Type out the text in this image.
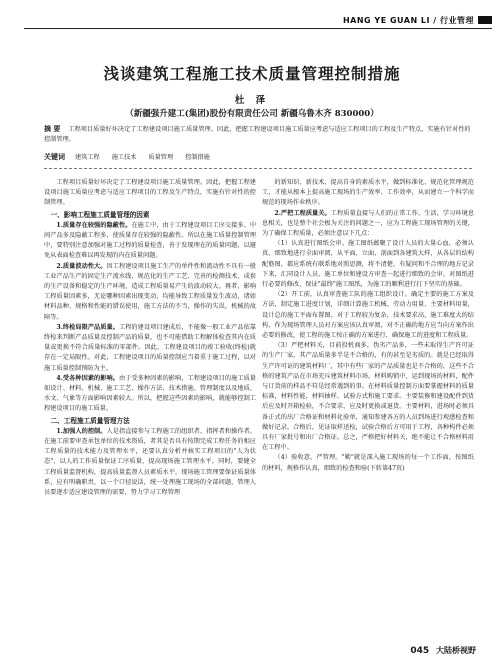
HANG YE GUAN LI / 行业管理
浅谈建筑工程施工技术质量管理控制措施
杜 泽
（新疆强升建工(集团)股份有限责任公司 新疆乌鲁木齐 830000）
摘 要 工程项目质量好坏决定了工程建设项目施工质量管理。因此，把握工程建设项目施工质量应考虑与适应工程项目的工程及生产特点，实施有针对性的控制管理。
关键词 建筑工程 施工技术 质量管理 控制措施

工程项目质量好坏决定了工程建设项目施工质量管理。因此，把握工程建设项目施工质量应考虑与适应工程项目的工程及生产特点，实施有针对性的控制管理。

一、影响工程施工质量管理的因素

1.质量存在较强的隐蔽性。在施工中，由于工程建设项目工序交接多、中间产品多及隐蔽工程多，使质量存在较强的隐蔽性。所以在施工质量控制管理中，要特别注意加强对施工过程的质量检查，善于发现埋在的质量问题，以避免从表面检查难以再发现的内在质量问题。

2.质量波动性大。因工程建设项目施工生产的单件性和流动性不具有一般工业产品生产的固定生产流水线、规范化的生产工艺、完善的检测技术、成套的生产设备和稳定的生产环境，造成工程质量易产生的波动较大。再者，影响工程质量因素多，无论哪种因素出现变动，均能导致工程质量发生波动，诸如材料品种、规格和性能的错误使用，施工方法的不当，操作的失误，机械的故障等。

3.终检局限产品质量。工程的建设项目建成后，不能像一般工业产品依靠终检来判断产品质量及控制产品的质量，也不可能借助工程解体检查其内在质量或更换不符合质量标准的零部件。因此，工程建设项目的竣工验收(终检)就存在一定局限性。对此，工程建设项目的质量控制应当着重于施工过程，以对施工质量控制预防为主。

4.受各种因素的影响。由于受多种因素的影响，工程建设项目的施工质量如设计、材料、机械、施工工艺、操作方法、技术措施、管理制度以及地质、水文、气象等方面影响因素较大。所以，把握这些因素的影响，就能够控制工程建设项目的施工质量。

二、工程施工质量管理方法

1.加强人的控制。人是指直接参与工程施工的组织者、指挥者和操作者。在施工前要审查承包单位的技术资质，者其是否具有按期完成工程任务的相应工程质量的技术能力及管理水平，还要认真分析并核实工程项目的"人为状态"，以人的工作质量保证工序质量、提高现场施工管理水平。同时，要健全工程质量监督机构，提高质量监督人员素质水平，现场施工管理要保证质量体系，应有明确职责，以一个口径说话，统一处理施工现场的全部问题，管理人员要逐步适应建设管理的需要，努力学习工程管理

的新知识、新技术，提高自身的素质水平，做到标准化、规范化管理规范工，才能从根本上提高施工现场的生产效率、工作效率，从而建立一个科学而规范的现场作业秩序。

2.严把工程质量关。工程质量直接与人们的正常工作、生活、学习环境息息相关，也是整个社会极为关注的问题之一，应为工程施工现场管理的关键，为了确保工程质量，必须注意以下几点：

（1）认真进行图纸会审。施工图纸蕴聚了设计人员的大量心血，必须认真、细致地进行全面审阅，从平面、立面、剖面到各建筑大样，从各层的结构配筋图，都应系统有联系地对照思测，将不清楚、有疑问和不合理的地方记录下来，汇同设计人员、施工单位和建设方审查一起进行细致的会审，对图纸进行必要的修改，保证"最终"施工图纸，为施工的顺利进行打下坚实的基础。

（2）开工前，认真审查施工队的施工组织设计。确定主要的施工方案及方法，制定施工进度计划，详细计算施工机械、劳动力用量、主要材料用量，设计总的施工平面布置图。对于工程较为复杂，技术要求高，施工难度大的结构，作为现场管理人员对方案应该认真审阅，对不正确的地方应当向方案作出必要的修改，使工程的施工按正确的方案进行，确保施工的进度和工程质量。

（3）严把材料关，目前投机商多，伪劣产品多，一些未取得生产许可证的生产厂家，其产品质量多半是不合格的，有的甚至是劣质的。就是已经取得生产许可证的建筑材料厂，其中有些厂家的产品质量也是不合格的，这些不合格的建筑产品在市场充斥建筑材料市场。材料购销中，运到现场的材料，配件与订货前的样品不符是经常遇到的事。在材料质量控制方面要掌握材料的质量标准，材料性能，材料抽样、试验方式和施工要求。主要装修和建设配件到货后应及时开箱检验，不合要求，应及时更换或退货。主要材料，进场时必须具备正式的出厂合格证和材料化验单，通知参建各方的人员到场进行观感检查和做好记录，合格后，见证取样送检，试验合格后方可用于工程，各种构件必须具有厂家批号和出厂合格证。总之，严格把好材料关，绝不能让不合格材料用在工程中。

（4）验收意，严管理。"勤"就是深入施工现场的每一个工作面，按图纸的材料，规格作认真，细致的检查和验(下转第47页)

045 大陆桥视野
